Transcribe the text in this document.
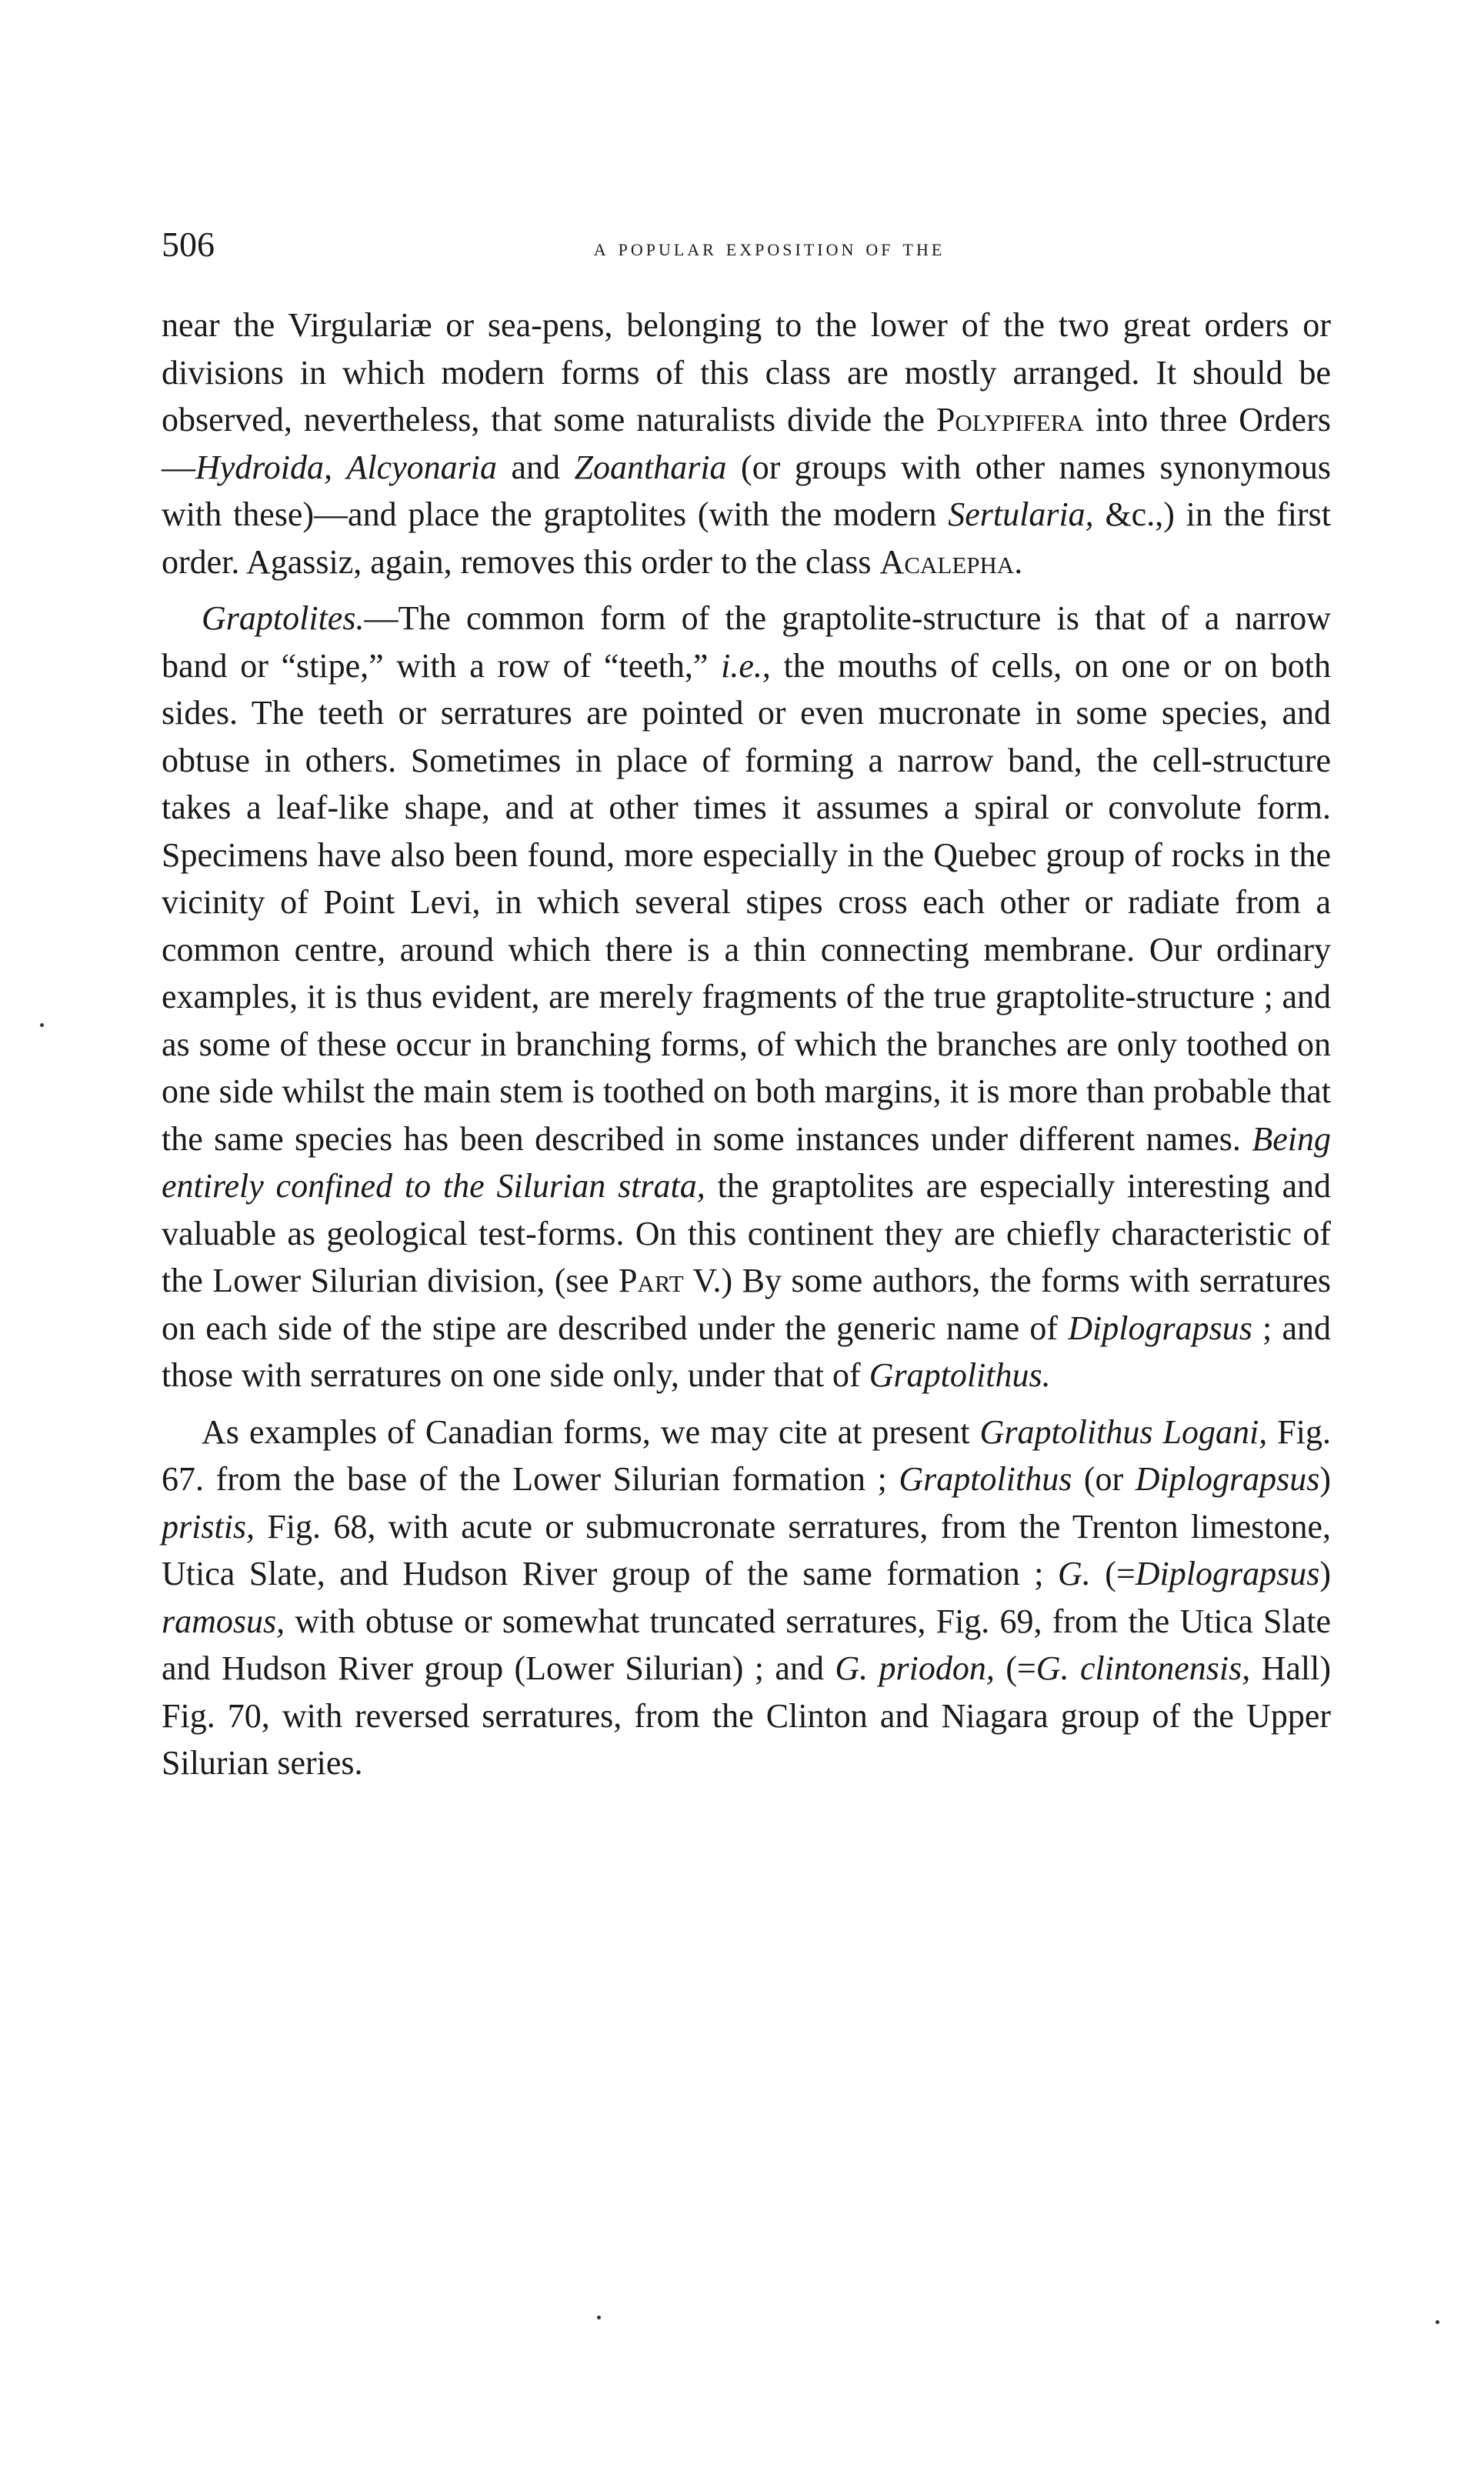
506	a popular exposition of the

near the Virgulariæ or sea-pens, belonging to the lower of the two great orders or divisions in which modern forms of this class are mostly arranged. It should be observed, nevertheless, that some naturalists divide the Polypifera into three Orders—Hydroida, Alcyonaria and Zoantharia (or groups with other names synonymous with these)—and place the graptolites (with the modern Sertularia, &c.,) in the first order. Agassiz, again, removes this order to the class Acalepha.

Graptolites.—The common form of the graptolite-structure is that of a narrow band or “stipe,” with a row of “teeth,” i.e., the mouths of cells, on one or on both sides. The teeth or serratures are pointed or even mucronate in some species, and obtuse in others. Sometimes in place of forming a narrow band, the cell-structure takes a leaf-like shape, and at other times it assumes a spiral or convolute form. Specimens have also been found, more especially in the Quebec group of rocks in the vicinity of Point Levi, in which several stipes cross each other or radiate from a common centre, around which there is a thin connecting membrane. Our ordinary examples, it is thus evident, are merely fragments of the true graptolite-structure ; and as some of these occur in branching forms, of which the branches are only toothed on one side whilst the main stem is toothed on both margins, it is more than probable that the same species has been described in some instances under different names. Being entirely confined to the Silurian strata, the graptolites are especially interesting and valuable as geological test-forms. On this continent they are chiefly characteristic of the Lower Silurian division, (see Part V.) By some authors, the forms with serratures on each side of the stipe are described under the generic name of Diplograpsus ; and those with serratures on one side only, under that of Graptolithus.

As examples of Canadian forms, we may cite at present Graptolithus Logani, Fig. 67. from the base of the Lower Silurian formation ; Graptolithus (or Diplograpsus) pristis, Fig. 68, with acute or submucronate serratures, from the Trenton limestone, Utica Slate, and Hudson River group of the same formation ; G. (=Diplograpsus) ramosus, with obtuse or somewhat truncated serratures, Fig. 69, from the Utica Slate and Hudson River group (Lower Silurian) ; and G. priodon, (=G. clintonensis, Hall) Fig. 70, with reversed serratures, from the Clinton and Niagara group of the Upper Silurian series.
